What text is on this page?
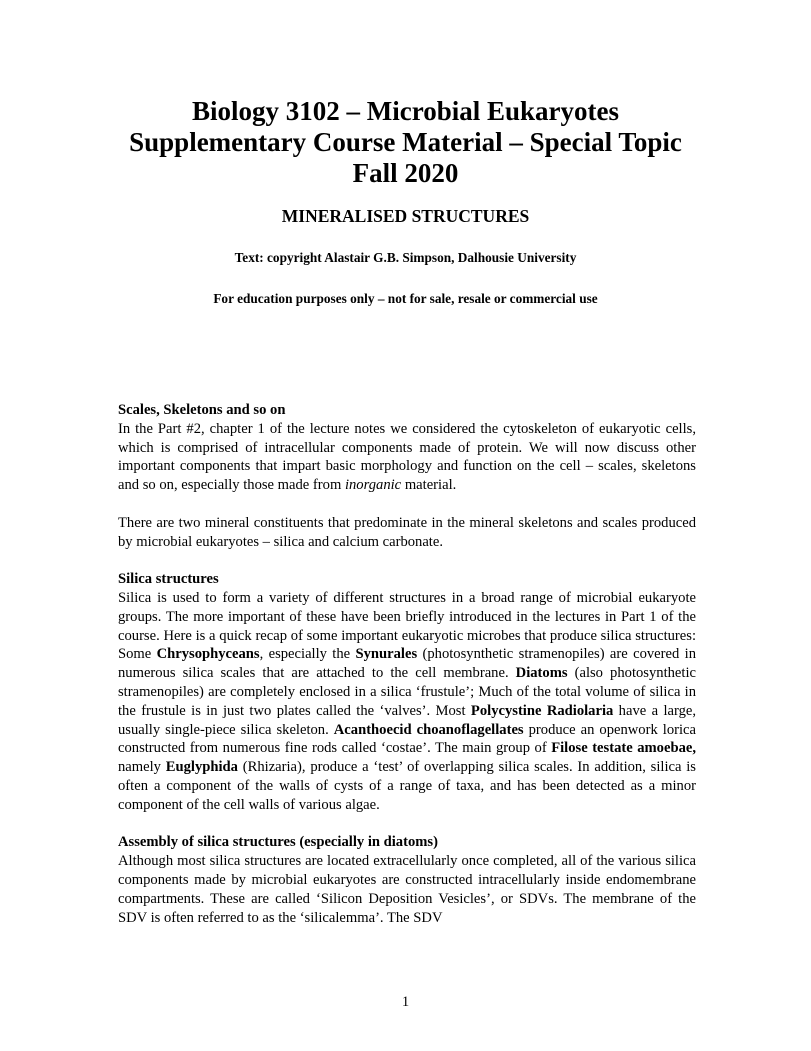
Biology 3102 – Microbial Eukaryotes
Supplementary Course Material – Special Topic
Fall 2020
MINERALISED STRUCTURES
Text: copyright Alastair G.B. Simpson, Dalhousie University
For education purposes only – not for sale, resale or commercial use
Scales, Skeletons and so on

In the Part #2, chapter 1 of the lecture notes we considered the cytoskeleton of eukaryotic cells, which is comprised of intracellular components made of protein. We will now discuss other important components that impart basic morphology and function on the cell – scales, skeletons and so on, especially those made from inorganic material.

There are two mineral constituents that predominate in the mineral skeletons and scales produced by microbial eukaryotes – silica and calcium carbonate.

Silica structures

Silica is used to form a variety of different structures in a broad range of microbial eukaryote groups. The more important of these have been briefly introduced in the lectures in Part 1 of the course. Here is a quick recap of some important eukaryotic microbes that produce silica structures: Some Chrysophyceans, especially the Synurales (photosynthetic stramenopiles) are covered in numerous silica scales that are attached to the cell membrane. Diatoms (also photosynthetic stramenopiles) are completely enclosed in a silica ‘frustule’; Much of the total volume of silica in the frustule is in just two plates called the ‘valves’. Most Polycystine Radiolaria have a large, usually single-piece silica skeleton. Acanthoecid choanoflagellates produce an openwork lorica constructed from numerous fine rods called ‘costae’. The main group of Filose testate amoebae, namely Euglyphida (Rhizaria), produce a ‘test’ of overlapping silica scales. In addition, silica is often a component of the walls of cysts of a range of taxa, and has been detected as a minor component of the cell walls of various algae.

Assembly of silica structures (especially in diatoms)

Although most silica structures are located extracellularly once completed, all of the various silica components made by microbial eukaryotes are constructed intracellularly inside endomembrane compartments. These are called ‘Silicon Deposition Vesicles’, or SDVs. The membrane of the SDV is often referred to as the ‘silicalemma’. The SDV

1
